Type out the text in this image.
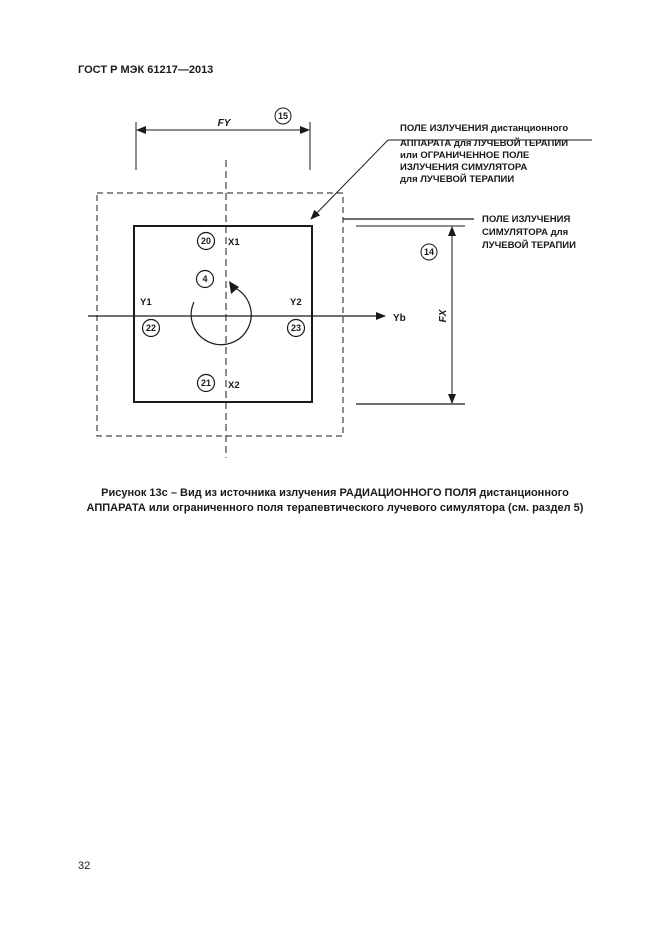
ГОСТ Р МЭК 61217—2013
FY
15
Yb
X1
X2
Y1	Y2
20
4
22	23
21
ПОЛЕ ИЗЛУЧЕНИЯ дистанционного АППАРАТА для ЛУЧЕВОЙ ТЕРАПИИ или ОГРАНИЧЕННОЕ ПОЛЕ ИЗЛУЧЕНИЯ СИМУЛЯТОРА для ЛУЧЕВОЙ ТЕРАПИИ
ПОЛЕ ИЗЛУЧЕНИЯ СИМУЛЯТОРА для ЛУЧЕВОЙ ТЕРАПИИ
FX
14
Рисунок 13с – Вид из источника излучения РАДИАЦИОННОГО ПОЛЯ дистанционного
АППАРАТА или ограниченного поля терапевтического лучевого симулятора (см. раздел 5)
32
